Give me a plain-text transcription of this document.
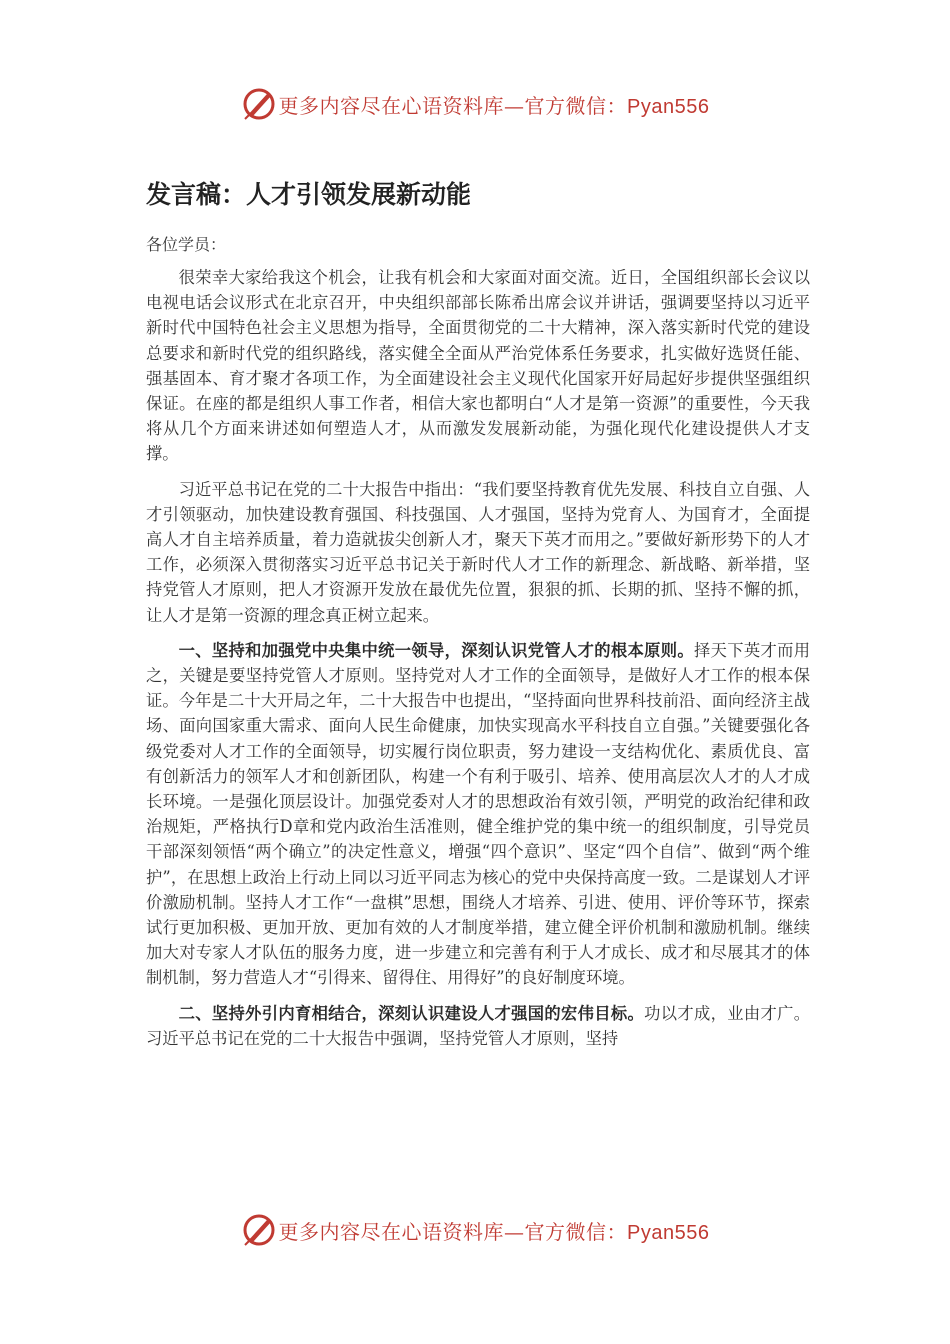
更多内容尽在心语资料库—官方微信：Pyan556
发言稿：人才引领发展新动能

各位学员：

很荣幸大家给我这个机会，让我有机会和大家面对面交流。近日，全国组织部长会议以电视电话会议形式在北京召开，中央组织部部长陈希出席会议并讲话，强调要坚持以习近平新时代中国特色社会主义思想为指导，全面贯彻党的二十大精神，深入落实新时代党的建设总要求和新时代党的组织路线，落实健全全面从严治党体系任务要求，扎实做好选贤任能、强基固本、育才聚才各项工作，为全面建设社会主义现代化国家开好局起好步提供坚强组织保证。在座的都是组织人事工作者，相信大家也都明白“人才是第一资源”的重要性，今天我将从几个方面来讲述如何塑造人才，从而激发发展新动能，为强化现代化建设提供人才支撑。

习近平总书记在党的二十大报告中指出：“我们要坚持教育优先发展、科技自立自强、人才引领驱动，加快建设教育强国、科技强国、人才强国，坚持为党育人、为国育才，全面提高人才自主培养质量，着力造就拔尖创新人才，聚天下英才而用之。”要做好新形势下的人才工作，必须深入贯彻落实习近平总书记关于新时代人才工作的新理念、新战略、新举措，坚持党管人才原则，把人才资源开发放在最优先位置，狠狠的抓、长期的抓、坚持不懈的抓，让人才是第一资源的理念真正树立起来。

一、坚持和加强党中央集中统一领导，深刻认识党管人才的根本原则。择天下英才而用之，关键是要坚持党管人才原则。坚持党对人才工作的全面领导，是做好人才工作的根本保证。今年是二十大开局之年，二十大报告中也提出，“坚持面向世界科技前沿、面向经济主战场、面向国家重大需求、面向人民生命健康，加快实现高水平科技自立自强。”关键要强化各级党委对人才工作的全面领导，切实履行岗位职责，努力建设一支结构优化、素质优良、富有创新活力的领军人才和创新团队，构建一个有利于吸引、培养、使用高层次人才的人才成长环境。一是强化顶层设计。加强党委对人才的思想政治有效引领，严明党的政治纪律和政治规矩，严格执行D章和党内政治生活准则，健全维护党的集中统一的组织制度，引导党员干部深刻领悟“两个确立”的决定性意义，增强“四个意识”、坚定“四个自信”、做到“两个维护”，在思想上政治上行动上同以习近平同志为核心的党中央保持高度一致。二是谋划人才评价激励机制。坚持人才工作“一盘棋”思想，围绕人才培养、引进、使用、评价等环节，探索试行更加积极、更加开放、更加有效的人才制度举措，建立健全评价机制和激励机制。继续加大对专家人才队伍的服务力度，进一步建立和完善有利于人才成长、成才和尽展其才的体制机制，努力营造人才“引得来、留得住、用得好”的良好制度环境。

二、坚持外引内育相结合，深刻认识建设人才强国的宏伟目标。功以才成，业由才广。习近平总书记在党的二十大报告中强调，坚持党管人才原则，坚持

更多内容尽在心语资料库—官方微信：Pyan556
